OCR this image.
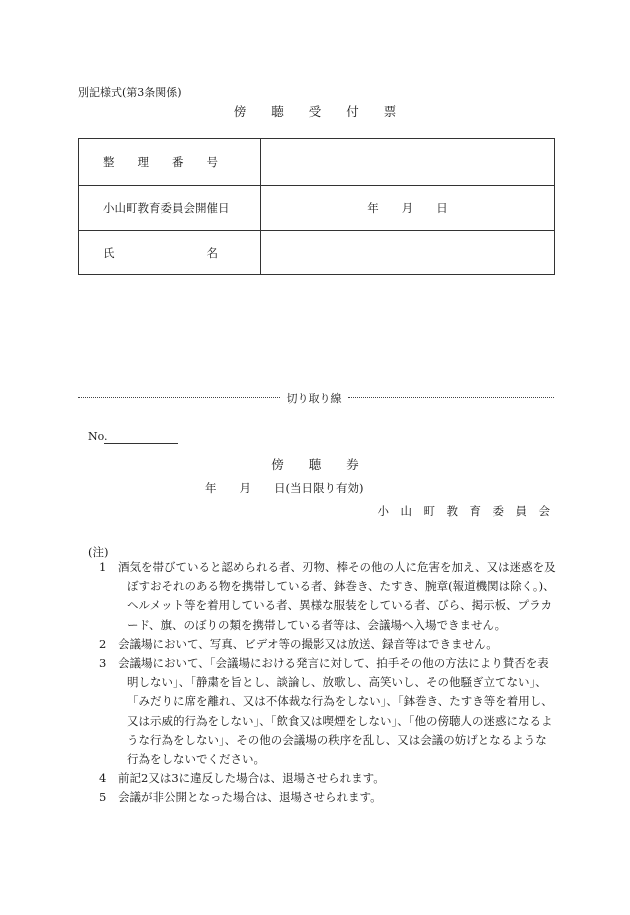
別記様式(第3条関係)
傍　　聴　　受　　付　　票
整　　理　　番　　号
小山町教育委員会開催日	年　　月　　日
氏　　　　　　　　名
切り取り線
No.
傍　　聴　　券
年　　月　　日(当日限り有効)
小　山　町　教　育　委　員　会
(注)
1	酒気を帯びていると認められる者、刃物、棒その他の人に危害を加え、又は迷惑を及ぼすおそれのある物を携帯している者、鉢巻き、たすき、腕章(報道機関は除く。)、ヘルメット等を着用している者、異様な服装をしている者、びら、掲示板、プラカード、旗、のぼりの類を携帯している者等は、会議場へ入場できません。
2	会議場において、写真、ビデオ等の撮影又は放送、録音等はできません。
3	会議場において、「会議場における発言に対して、拍手その他の方法により賛否を表明しない」、「静粛を旨とし、談論し、放歌し、高笑いし、その他騒ぎ立てない」、「みだりに席を離れ、又は不体裁な行為をしない」、「鉢巻き、たすき等を着用し、又は示威的行為をしない」、「飲食又は喫煙をしない」、「他の傍聴人の迷惑になるような行為をしない」、その他の会議場の秩序を乱し、又は会議の妨げとなるような行為をしないでください。
4	前記2又は3に違反した場合は、退場させられます。
5	会議が非公開となった場合は、退場させられます。
